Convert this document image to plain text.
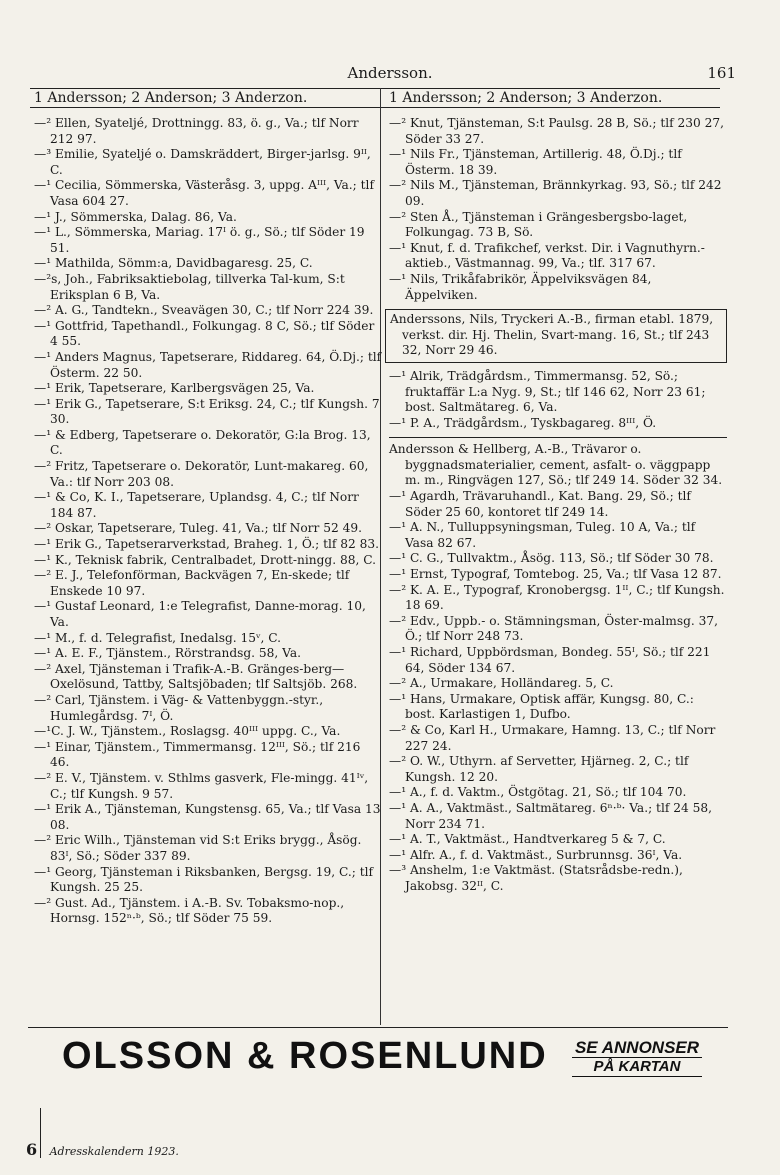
Andersson.	161
1 Andersson; 2 Anderson; 3 Anderzon.	1 Andersson; 2 Anderson; 3 Anderzon.

—² Ellen, Syateljé, Drottningg. 83, ö. g., Va.; tlf Norr 212 97.

—³ Emilie, Syateljé o. Damskräddert, Birger-jarlsg. 9ᴵᴵ, C.

—¹ Cecilia, Sömmerska, Västeråsg. 3, uppg. Aᴵᴵᴵ, Va.; tlf Vasa 604 27.

—¹ J., Sömmerska, Dalag. 86, Va.

—¹ L., Sömmerska, Mariag. 17ᴵ ö. g., Sö.; tlf Söder 19 51.

—¹ Mathilda, Sömm:a, Davidbagaresg. 25, C.

—²s, Joh., Fabriksaktiebolag, tillverka Tal-kum, S:t Eriksplan 6 B, Va.

—² A. G., Tandtekn., Sveavägen 30, C.; tlf Norr 224 39.

—¹ Gottfrid, Tapethandl., Folkungag. 8 C, Sö.; tlf Söder 4 55.

—¹ Anders Magnus, Tapetserare, Riddareg. 64, Ö.Dj.; tlf Österm. 22 50.

—¹ Erik, Tapetserare, Karlbergsvägen 25, Va.

—¹ Erik G., Tapetserare, S:t Eriksg. 24, C.; tlf Kungsh. 7 30.

—¹ & Edberg, Tapetserare o. Dekoratör, G:la Brog. 13, C.

—² Fritz, Tapetserare o. Dekoratör, Lunt-makareg. 60, Va.: tlf Norr 203 08.

—¹ & Co, K. I., Tapetserare, Uplandsg. 4, C.; tlf Norr 184 87.

—² Oskar, Tapetserare, Tuleg. 41, Va.; tlf Norr 52 49.

—¹ Erik G., Tapetserarverkstad, Braheg. 1, Ö.; tlf 82 83.

—¹ K., Teknisk fabrik, Centralbadet, Drott-ningg. 88, C.

—² E. J., Telefonförman, Backvägen 7, En-skede; tlf Enskede 10 97.

—¹ Gustaf Leonard, 1:e Telegrafist, Danne-morag. 10, Va.

—¹ M., f. d. Telegrafist, Inedalsg. 15ᵛ, C.

—¹ A. E. F., Tjänstem., Rörstrandsg. 58, Va.

—² Axel, Tjänsteman i Trafik-A.-B. Gränges-berg—Oxelösund, Tattby, Saltsjöbaden; tlf Saltsjöb. 268.

—² Carl, Tjänstem. i Väg- & Vattenbyggn.-styr., Humlegårdsg. 7ᴵ, Ö.

—¹C. J. W., Tjänstem., Roslagsg. 40ᴵᴵᴵ uppg. C., Va.

—¹ Einar, Tjänstem., Timmermansg. 12ᴵᴵᴵ, Sö.; tlf 216 46.

—² E. V., Tjänstem. v. Sthlms gasverk, Fle-mingg. 41ᴵᵛ, C.; tlf Kungsh. 9 57.

—¹ Erik A., Tjänsteman, Kungstensg. 65, Va.; tlf Vasa 13 08.

—² Eric Wilh., Tjänsteman vid S:t Eriks brygg., Åsög. 83ᴵ, Sö.; Söder 337 89.

—¹ Georg, Tjänsteman i Riksbanken, Bergsg. 19, C.; tlf Kungsh. 25 25.

—² Gust. Ad., Tjänstem. i A.-B. Sv. Tobaksmo-nop., Hornsg. 152ⁿ·ᵇ, Sö.; tlf Söder 75 59.

—² Knut, Tjänsteman, S:t Paulsg. 28 B, Sö.; tlf 230 27, Söder 33 27.

—¹ Nils Fr., Tjänsteman, Artillerig. 48, Ö.Dj.; tlf Österm. 18 39.

—² Nils M., Tjänsteman, Brännkyrkag. 93, Sö.; tlf 242 09.

—² Sten Å., Tjänsteman i Grängesbergsbo-laget, Folkungag. 73 B, Sö.

—¹ Knut, f. d. Trafikchef, verkst. Dir. i Vagnuthyrn.-aktieb., Västmannag. 99, Va.; tlf. 317 67.

—¹ Nils, Trikåfabrikör, Äppelviksvägen 84, Äppelviken.

Anderssons, Nils, Tryckeri A.-B., firman etabl. 1879, verkst. dir. Hj. Thelin, Svart-mang. 16, St.; tlf 243 32, Norr 29 46.

—¹ Alrik, Trädgårdsm., Timmermansg. 52, Sö.; fruktaffär L:a Nyg. 9, St.; tlf 146 62, Norr 23 61; bost. Saltmätareg. 6, Va.

—¹ P. A., Trädgårdsm., Tyskbagareg. 8ᴵᴵᴵ, Ö.

Andersson & Hellberg, A.-B., Trävaror o. byggnadsmaterialier, cement, asfalt- o. väggpapp m. m., Ringvägen 127, Sö.; tlf 249 14. Söder 32 34.

—¹ Agardh, Trävaruhandl., Kat. Bang. 29, Sö.; tlf Söder 25 60, kontoret tlf 249 14.

—¹ A. N., Tulluppsyningsman, Tuleg. 10 A, Va.; tlf Vasa 82 67.

—¹ C. G., Tullvaktm., Åsög. 113, Sö.; tlf Söder 30 78.

—¹ Ernst, Typograf, Tomtebog. 25, Va.; tlf Vasa 12 87.

—² K. A. E., Typograf, Kronobergsg. 1ᴵᴵ, C.; tlf Kungsh. 18 69.

—² Edv., Uppb.- o. Stämningsman, Öster-malmsg. 37, Ö.; tlf Norr 248 73.

—¹ Richard, Uppbördsman, Bondeg. 55ᴵ, Sö.; tlf 221 64, Söder 134 67.

—² A., Urmakare, Holländareg. 5, C.

—¹ Hans, Urmakare, Optisk affär, Kungsg. 80, C.: bost. Karlastigen 1, Dufbo.

—² & Co, Karl H., Urmakare, Hamng. 13, C.; tlf Norr 227 24.

—² O. W., Uthyrn. af Servetter, Hjärneg. 2, C.; tlf Kungsh. 12 20.

—¹ A., f. d. Vaktm., Östgötag. 21, Sö.; tlf 104 70.

—¹ A. A., Vaktmäst., Saltmätareg. 6ⁿ·ᵇ· Va.; tlf 24 58, Norr 234 71.

—¹ A. T., Vaktmäst., Handtverkareg 5 & 7, C.

—¹ Alfr. A., f. d. Vaktmäst., Surbrunnsg. 36ᴵ, Va.

—³ Anshelm, 1:e Vaktmäst. (Statsrådsbe-redn.), Jakobsg. 32ᴵᴵ, C.

OLSSON & ROSENLUND	SE ANNONSER
PÅ KARTAN
6 Adresskalendern 1923.
